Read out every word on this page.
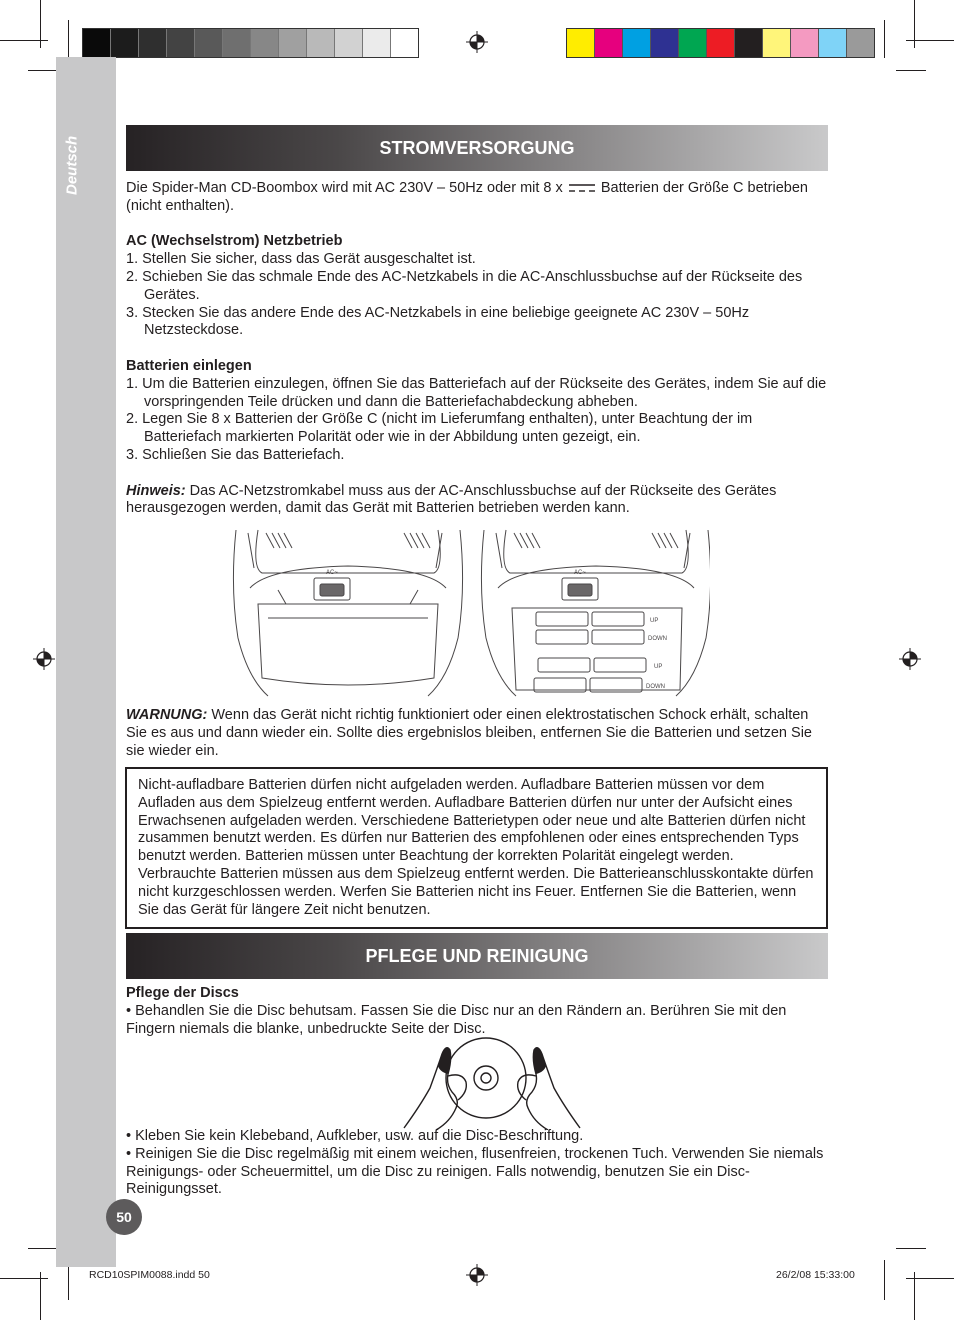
Deutsch	STROMVERSORGUNG

Die Spider-Man CD-Boombox wird mit AC 230V – 50Hz oder mit 8 x	Batterien der Größe C betrieben (nicht enthalten).

AC (Wechselstrom) Netzbetrieb

1. Stellen Sie sicher, dass das Gerät ausgeschaltet ist.
2. Schieben Sie das schmale Ende des AC-Netzkabels in die AC-Anschlussbuchse auf der Rückseite des Gerätes.
3. Stecken Sie das andere Ende des AC-Netzkabels in eine beliebige geeignete AC 230V – 50Hz Netzsteckdose.

Batterien einlegen

1. Um die Batterien einzulegen, öffnen Sie das Batteriefach auf der Rückseite des Gerätes, indem Sie auf die vorspringenden Teile drücken und dann die Batteriefachabdeckung abheben.
2. Legen Sie 8 x Batterien der Größe C (nicht im Lieferumfang enthalten), unter Beachtung der im Batteriefach markierten Polarität oder wie in der Abbildung unten gezeigt, ein.
3. Schließen Sie das Batteriefach.

Hinweis: Das AC-Netzstromkabel muss aus der AC-Anschlussbuchse auf der Rückseite des Gerätes herausgezogen werden, damit das Gerät mit Batterien betrieben werden kann.

AC~	AC~
UP
DOWN
UP
DOWN

WARNUNG: Wenn das Gerät nicht richtig funktioniert oder einen elektrostatischen Schock erhält, schalten Sie es aus und dann wieder ein. Sollte dies ergebnislos bleiben, entfernen Sie die Batterien und setzen Sie sie wieder ein.

Nicht-aufladbare Batterien dürfen nicht aufgeladen werden. Aufladbare Batterien müssen vor dem Aufladen aus dem Spielzeug entfernt werden. Aufladbare Batterien dürfen nur unter der Aufsicht eines Erwachsenen aufgeladen werden. Verschiedene Batterietypen oder neue und alte Batterien dürfen nicht zusammen benutzt werden. Es dürfen nur Batterien des empfohlenen oder eines entsprechenden Typs benutzt werden. Batterien müssen unter Beachtung der korrekten Polarität eingelegt werden. Verbrauchte Batterien müssen aus dem Spielzeug entfernt werden. Die Batterieanschlusskontakte dürfen nicht kurzgeschlossen werden. Werfen Sie Batterien nicht ins Feuer. Entfernen Sie die Batterien, wenn Sie das Gerät für längere Zeit nicht benutzen.
PFLEGE UND REINIGUNG

Pflege der Discs

• Behandlen Sie die Disc behutsam. Fassen Sie die Disc nur an den Rändern an. Berühren Sie mit den Fingern niemals die blanke, unbedruckte Seite der Disc.

• Kleben Sie kein Klebeband, Aufkleber, usw. auf die Disc-Beschriftung.

• Reinigen Sie die Disc regelmäßig mit einem weichen, flusenfreien, trockenen Tuch. Verwenden Sie niemals Reinigungs- oder Scheuermittel, um die Disc zu reinigen. Falls notwendig, benutzen Sie ein Disc-Reinigungsset.

50
RCD10SPIM0088.indd 50	26/2/08 15:33:00
